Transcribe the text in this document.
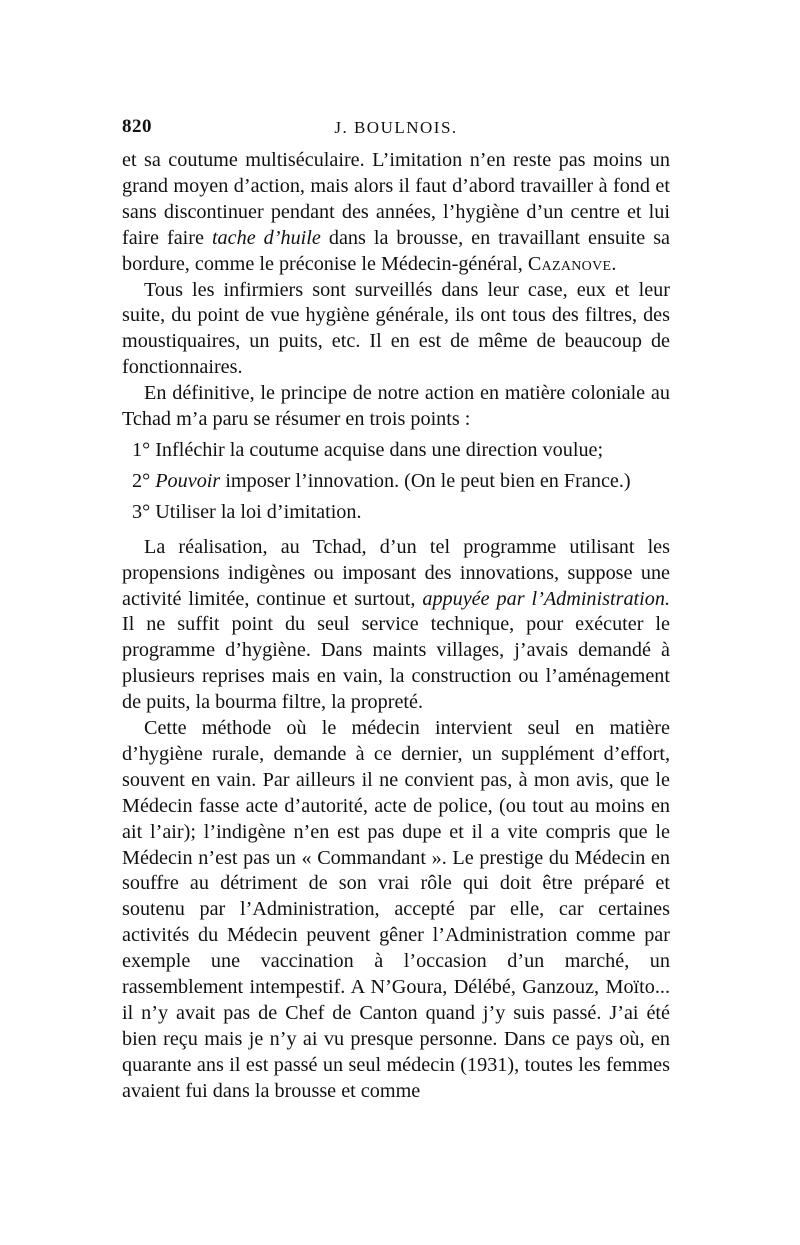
820	J. BOULNOIS.

et sa coutume multiséculaire. L’imitation n’en reste pas moins un grand moyen d’action, mais alors il faut d’abord travailler à fond et sans discontinuer pendant des années, l’hygiène d’un centre et lui faire faire tache d’huile dans la brousse, en travaillant ensuite sa bordure, comme le préconise le Médecin-général, Cazanove.

Tous les infirmiers sont surveillés dans leur case, eux et leur suite, du point de vue hygiène générale, ils ont tous des filtres, des moustiquaires, un puits, etc. Il en est de même de beaucoup de fonctionnaires.

En définitive, le principe de notre action en matière coloniale au Tchad m’a paru se résumer en trois points :

1° Infléchir la coutume acquise dans une direction voulue;

2° Pouvoir imposer l’innovation. (On le peut bien en France.)

3° Utiliser la loi d’imitation.

La réalisation, au Tchad, d’un tel programme utilisant les propensions indigènes ou imposant des innovations, suppose une activité limitée, continue et surtout, appuyée par l’Administration. Il ne suffit point du seul service technique, pour exécuter le programme d’hygiène. Dans maints villages, j’avais demandé à plusieurs reprises mais en vain, la construction ou l’aménagement de puits, la bourma filtre, la propreté.

Cette méthode où le médecin intervient seul en matière d’hygiène rurale, demande à ce dernier, un supplément d’effort, souvent en vain. Par ailleurs il ne convient pas, à mon avis, que le Médecin fasse acte d’autorité, acte de police, (ou tout au moins en ait l’air); l’indigène n’en est pas dupe et il a vite compris que le Médecin n’est pas un « Commandant ». Le prestige du Médecin en souffre au détriment de son vrai rôle qui doit être préparé et soutenu par l’Administration, accepté par elle, car certaines activités du Médecin peuvent gêner l’Administration comme par exemple une vaccination à l’occasion d’un marché, un rassemblement intempestif. A N’Goura, Délébé, Ganzouz, Moïto... il n’y avait pas de Chef de Canton quand j’y suis passé. J’ai été bien reçu mais je n’y ai vu presque personne. Dans ce pays où, en quarante ans il est passé un seul médecin (1931), toutes les femmes avaient fui dans la brousse et comme
